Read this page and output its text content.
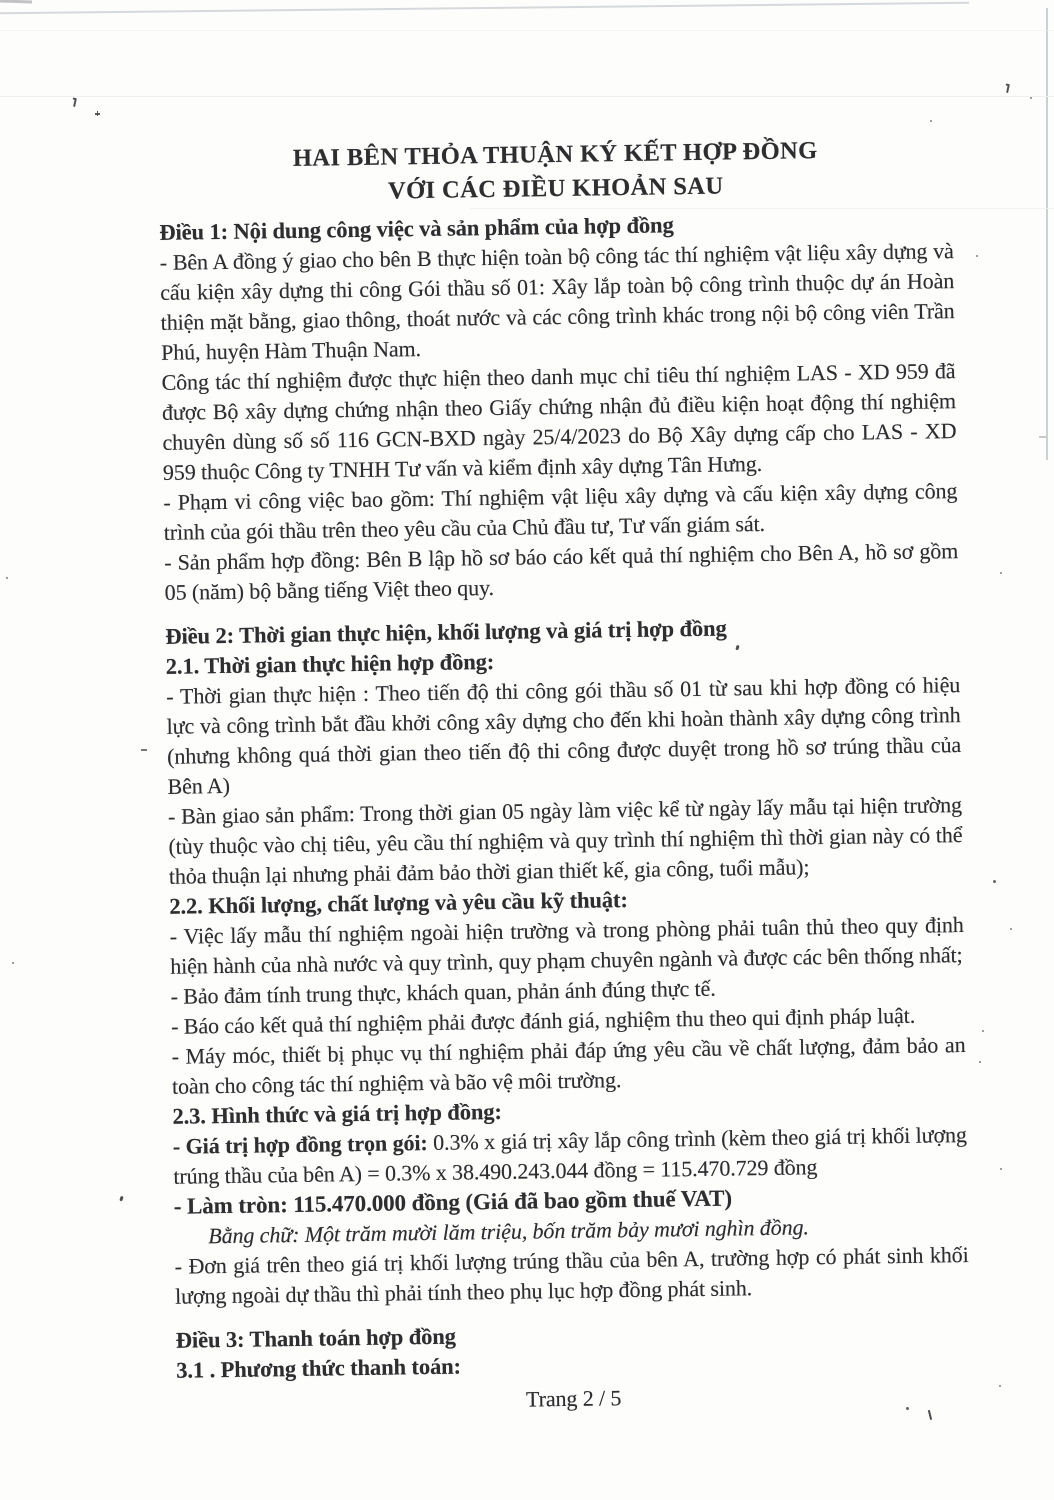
HAI BÊN THỎA THUẬN KÝ KẾT HỢP ĐỒNG
VỚI CÁC ĐIỀU KHOẢN SAU

Điều 1: Nội dung công việc và sản phẩm của hợp đồng

- Bên A đồng ý giao cho bên B thực hiện toàn bộ công tác thí nghiệm vật liệu xây dựng và cấu kiện xây dựng thi công Gói thầu số 01: Xây lắp toàn bộ công trình thuộc dự án Hoàn thiện mặt bằng, giao thông, thoát nước và các công trình khác trong nội bộ công viên Trần Phú, huyện Hàm Thuận Nam.

Công tác thí nghiệm được thực hiện theo danh mục chỉ tiêu thí nghiệm LAS - XD 959 đã được Bộ xây dựng chứng nhận theo Giấy chứng nhận đủ điều kiện hoạt động thí nghiệm chuyên dùng số số 116 GCN-BXD ngày 25/4/2023 do Bộ Xây dựng cấp cho LAS - XD 959 thuộc Công ty TNHH Tư vấn và kiểm định xây dựng Tân Hưng.

- Phạm vi công việc bao gồm: Thí nghiệm vật liệu xây dựng và cấu kiện xây dựng công trình của gói thầu trên theo yêu cầu của Chủ đầu tư, Tư vấn giám sát.

- Sản phẩm hợp đồng: Bên B lập hồ sơ báo cáo kết quả thí nghiệm cho Bên A, hồ sơ gồm 05 (năm) bộ bằng tiếng Việt theo quy.

Điều 2: Thời gian thực hiện, khối lượng và giá trị hợp đồng

2.1. Thời gian thực hiện hợp đồng:

- Thời gian thực hiện : Theo tiến độ thi công gói thầu số 01 từ sau khi hợp đồng có hiệu lực và công trình bắt đầu khởi công xây dựng cho đến khi hoàn thành xây dựng công trình (nhưng không quá thời gian theo tiến độ thi công được duyệt trong hồ sơ trúng thầu của Bên A)

- Bàn giao sản phẩm: Trong thời gian 05 ngày làm việc kể từ ngày lấy mẫu tại hiện trường (tùy thuộc vào chị tiêu, yêu cầu thí nghiệm và quy trình thí nghiệm thì thời gian này có thể thỏa thuận lại nhưng phải đảm bảo thời gian thiết kế, gia công, tuổi mẫu);

2.2. Khối lượng, chất lượng và yêu cầu kỹ thuật:

- Việc lấy mẫu thí nghiệm ngoài hiện trường và trong phòng phải tuân thủ theo quy định hiện hành của nhà nước và quy trình, quy phạm chuyên ngành và được các bên thống nhất;

- Bảo đảm tính trung thực, khách quan, phản ánh đúng thực tế.

- Báo cáo kết quả thí nghiệm phải được đánh giá, nghiệm thu theo qui định pháp luật.

- Máy móc, thiết bị phục vụ thí nghiệm phải đáp ứng yêu cầu về chất lượng, đảm bảo an toàn cho công tác thí nghiệm và bão vệ môi trường.

2.3. Hình thức và giá trị hợp đồng:

- Giá trị hợp đồng trọn gói: 0.3% x giá trị xây lắp công trình (kèm theo giá trị khối lượng trúng thầu của bên A) = 0.3% x 38.490.243.044 đồng = 115.470.729 đồng

- Làm tròn: 115.470.000 đồng (Giá đã bao gồm thuế VAT)

Bằng chữ: Một trăm mười lăm triệu, bốn trăm bảy mươi nghìn đồng.

- Đơn giá trên theo giá trị khối lượng trúng thầu của bên A, trường hợp có phát sinh khối lượng ngoài dự thầu thì phải tính theo phụ lục hợp đồng phát sinh.

Điều 3: Thanh toán hợp đồng

3.1 . Phương thức thanh toán:

Trang 2 / 5
